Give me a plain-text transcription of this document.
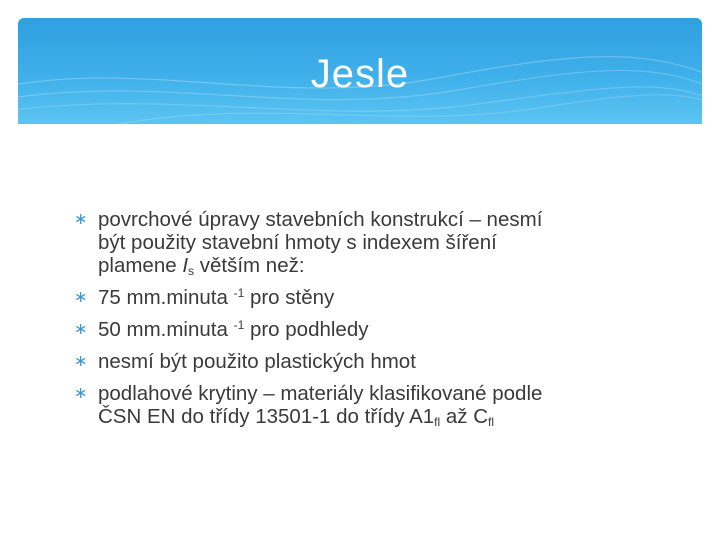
Jesle
∗ povrchové úpravy stavebních konstrukcí – nesmí
být použity stavební hmoty s indexem šíření
plamene $I_s$ větším než:
∗ 75 mm.minuta $^{-1}$ pro stěny
∗ 50 mm.minuta $^{-1}$ pro podhledy
∗ nesmí být použito plastických hmot
∗ podlahové krytiny – materiály klasifikované podle
ČSN EN do třídy 13501-1 do třídy $A1_{fl}$ až $C_{fl}$
